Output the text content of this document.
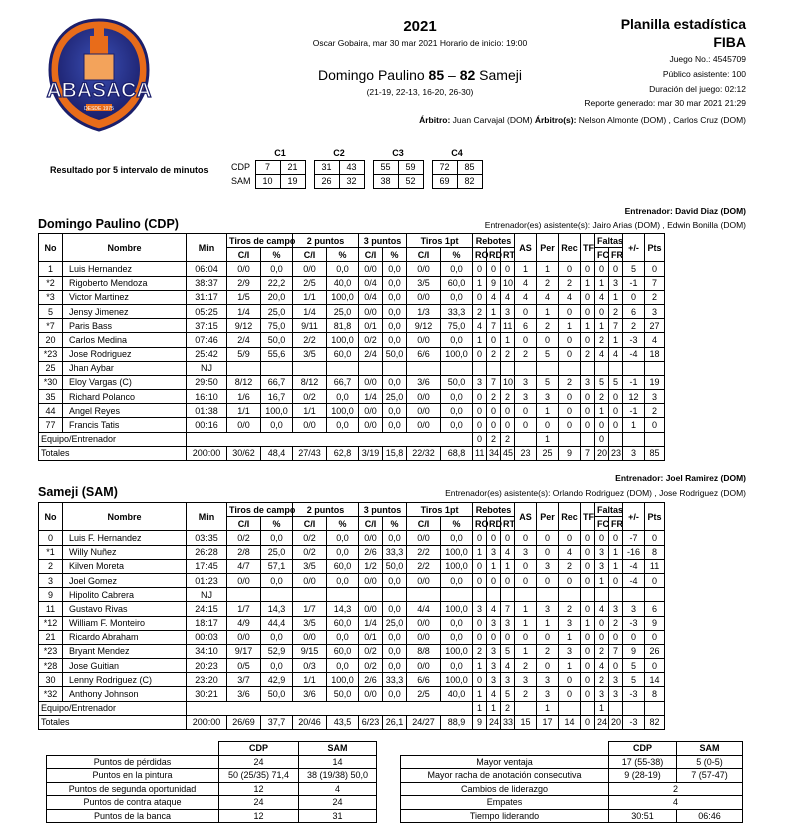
ABASACA
DESDE 1975
2021
Oscar Gobaira, mar 30 mar 2021 Horario de inicio: 19:00
Domingo Paulino 85 – 82 Sameji
(21-19, 22-13, 16-20, 26-30)
Planilla estadística
FIBA
Juego No.: 4545709
Público asistente: 100
Duración del juego: 02:12
Reporte generado: mar 30 mar 2021 21:29
Árbitro: Juan Carvajal (DOM) Árbitro(s): Nelson Almonte (DOM) , Carlos Cruz (DOM)
Resultado por 5 intervalo de minutos
	C1			C2			C3			C4	
CDP	7	21		31	43		55	59		72	85
SAM	10	19		26	32		38	52		69	82
Entrenador: David Diaz (DOM)
Domingo Paulino (CDP)	Entrenador(es) asistente(s): Jairo Arias (DOM) , Edwin Bonilla (DOM)
No	Nombre	Min	Tiros de campo		2 puntos		3 puntos		Tiros 1pt		Rebotes			AS	Per	Rec	TF	Faltas		+/-	Pts
			C/I	%	C/I	%	C/I	%	C/I	%	RO	RD	RT					FC	FR		
1	Luis Hernandez	06:04	0/0	0,0	0/0	0,0	0/0	0,0	0/0	0,0	0	0	0	1	1	0	0	0	0	5	0
*2	Rigoberto Mendoza	38:37	2/9	22,2	2/5	40,0	0/4	0,0	3/5	60,0	1	9	10	4	2	2	1	1	3	-1	7
*3	Victor Martinez	31:17	1/5	20,0	1/1	100,0	0/4	0,0	0/0	0,0	0	4	4	4	4	4	0	4	1	0	2
5	Jensy Jimenez	05:25	1/4	25,0	1/4	25,0	0/0	0,0	1/3	33,3	2	1	3	0	1	0	0	0	2	6	3
*7	Paris Bass	37:15	9/12	75,0	9/11	81,8	0/1	0,0	9/12	75,0	4	7	11	6	2	1	1	1	7	2	27
20	Carlos Medina	07:46	2/4	50,0	2/2	100,0	0/2	0,0	0/0	0,0	1	0	1	0	0	0	0	2	1	-3	4
*23	Jose Rodriguez	25:42	5/9	55,6	3/5	60,0	2/4	50,0	6/6	100,0	0	2	2	2	5	0	2	4	4	-4	18
25	Jhan Aybar	NJ																			
*30	Eloy Vargas (C)	29:50	8/12	66,7	8/12	66,7	0/0	0,0	3/6	50,0	3	7	10	3	5	2	3	5	5	-1	19
35	Richard Polanco	16:10	1/6	16,7	0/2	0,0	1/4	25,0	0/0	0,0	0	2	2	3	3	0	0	2	0	12	3
44	Angel Reyes	01:38	1/1	100,0	1/1	100,0	0/0	0,0	0/0	0,0	0	0	0	0	1	0	0	1	0	-1	2
77	Francis Tatis	00:16	0/0	0,0	0/0	0,0	0/0	0,0	0/0	0,0	0	0	0	0	0	0	0	0	0	1	0
Equipo/Entrenador											0	2	2		1			0			
Totales		200:00	30/62	48,4	27/43	62,8	3/19	15,8	22/32	68,8	11	34	45	23	25	9	7	20	23	3	85
Entrenador: Joel Ramirez (DOM)
Sameji (SAM)	Entrenador(es) asistente(s): Orlando Rodriguez (DOM) , Jose Rodriguez (DOM)
No	Nombre	Min	Tiros de campo		2 puntos		3 puntos		Tiros 1pt		Rebotes			AS	Per	Rec	TF	Faltas		+/-	Pts
			C/I	%	C/I	%	C/I	%	C/I	%	RO	RD	RT					FC	FR		
0	Luis F. Hernandez	03:35	0/2	0,0	0/2	0,0	0/0	0,0	0/0	0,0	0	0	0	0	0	0	0	0	0	-7	0
*1	Willy Nuñez	26:28	2/8	25,0	0/2	0,0	2/6	33,3	2/2	100,0	1	3	4	3	0	4	0	3	1	-16	8
2	Kilven Moreta	17:45	4/7	57,1	3/5	60,0	1/2	50,0	2/2	100,0	0	1	1	0	3	2	0	3	1	-4	11
3	Joel Gomez	01:23	0/0	0,0	0/0	0,0	0/0	0,0	0/0	0,0	0	0	0	0	0	0	0	1	0	-4	0
9	Hipolito Cabrera	NJ																			
11	Gustavo Rivas	24:15	1/7	14,3	1/7	14,3	0/0	0,0	4/4	100,0	3	4	7	1	3	2	0	4	3	3	6
*12	William F. Monteiro	18:17	4/9	44,4	3/5	60,0	1/4	25,0	0/0	0,0	0	3	3	1	1	3	1	0	2	-3	9
21	Ricardo Abraham	00:03	0/0	0,0	0/0	0,0	0/1	0,0	0/0	0,0	0	0	0	0	0	1	0	0	0	0	0
*23	Bryant Mendez	34:10	9/17	52,9	9/15	60,0	0/2	0,0	8/8	100,0	2	3	5	1	2	3	0	2	7	9	26
*28	Jose Guitian	20:23	0/5	0,0	0/3	0,0	0/2	0,0	0/0	0,0	1	3	4	2	0	1	0	4	0	5	0
30	Lenny Rodriguez (C)	23:20	3/7	42,9	1/1	100,0	2/6	33,3	6/6	100,0	0	3	3	3	3	0	0	2	3	5	14
*32	Anthony Johnson	30:21	3/6	50,0	3/6	50,0	0/0	0,0	2/5	40,0	1	4	5	2	3	0	0	3	3	-3	8
Equipo/Entrenador											1	1	2		1			1			
Totales		200:00	26/69	37,7	20/46	43,5	6/23	26,1	24/27	88,9	9	24	33	15	17	14	0	24	20	-3	82
	CDP	SAM
Puntos de pérdidas	24	14
Puntos en la pintura	50 (25/35) 71,4	38 (19/38) 50,0
Puntos de segunda oportunidad	12	4
Puntos de contra ataque	24	24
Puntos de la banca	12	31
	CDP	SAM
Mayor ventaja	17 (55-38)	5 (0-5)
Mayor racha de anotación consecutiva	9 (28-19)	7 (57-47)
Cambios de liderazgo	2	
Empates	4	
Tiempo liderando	30:51	06:46
